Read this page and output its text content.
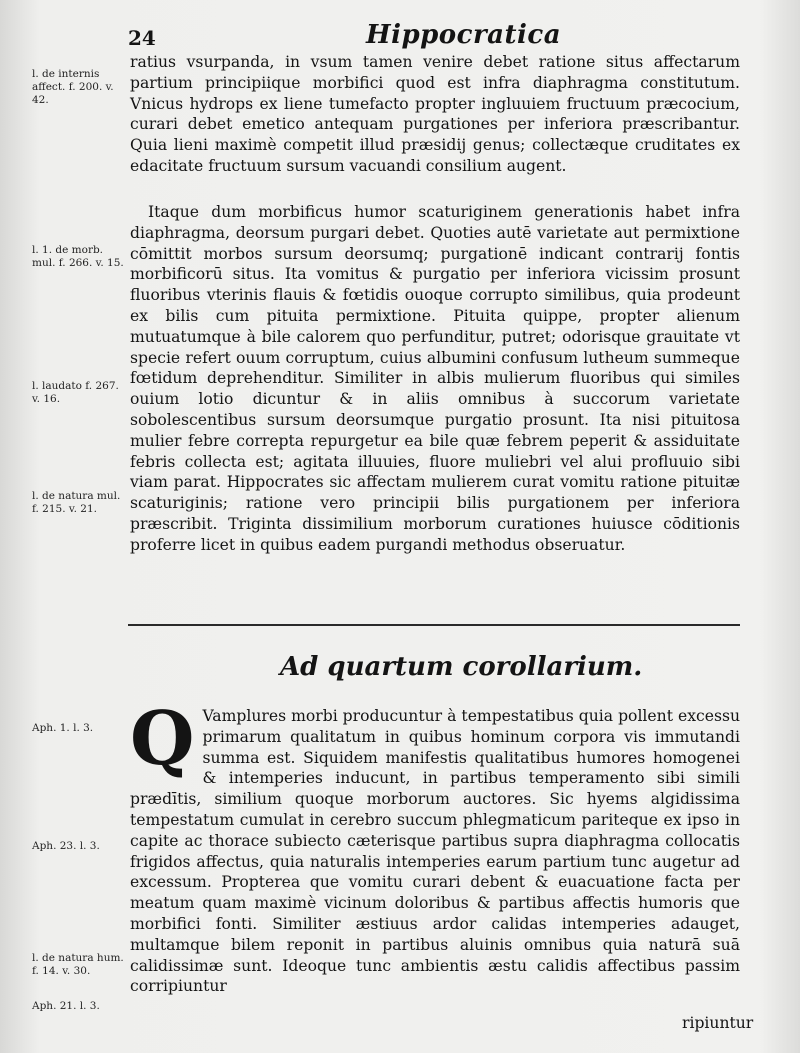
24	Hippocratica

ratius vsurpanda, in vsum tamen venire debet ratione situs affectarum partium principiique morbifici quod est infra diaphragma constitutum. Vnicus hydrops ex liene tumefacto propter ingluuiem fructuum præcocium, curari debet emetico antequam purgationes per inferiora præscribantur. Quia lieni maximè competit illud præsidij genus; collectæque cruditates ex edacitate fructuum sursum vacuandi consilium augent.

Itaque dum morbificus humor scaturiginem generationis habet infra diaphragma, deorsum purgari debet. Quoties autē varietate aut permixtione cōmittit morbos sursum deorsumq; purgationē indicant contrarij fontis morbificorū situs. Ita vomitus & purgatio per inferiora vicissim prosunt fluoribus vterinis flauis & fœtidis ouoque corrupto similibus, quia prodeunt ex bilis cum pituita permixtione. Pituita quippe, propter alienum mutuatumque à bile calorem quo perfunditur, putret; odorisque grauitate vt specie refert ouum corruptum, cuius albumini confusum lutheum summeque fœtidum deprehenditur. Similiter in albis mulierum fluoribus qui similes ouium lotio dicuntur & in aliis omnibus à succorum varietate sobolescentibus sursum deorsumque purgatio prosunt. Ita nisi pituitosa mulier febre correpta repurgetur ea bile quæ febrem peperit & assiduitate febris collecta est; agitata illuuies, fluore muliebri vel alui profluuio sibi viam parat. Hippocrates sic affectam mulierem curat vomitu ratione pituitæ scaturiginis; ratione vero principii bilis purgationem per inferiora præscribit. Triginta dissimilium morborum curationes huiusce cōditionis proferre licet in quibus eadem purgandi methodus obseruatur.

Ad quartum corollarium.
Q Vamplures morbi producuntur à tempestatibus quia pollent excessu primarum qualitatum in quibus hominum corpora vis immutandi summa est. Siquidem manifestis qualitatibus humores homogenei & intemperies inducunt, in partibus temperamento sibi simili prædītis, similium quoque morborum auctores. Sic hyems algidissima tempestatum cumulat in cerebro succum phlegmaticum pariteque ex ipso in capite ac thorace subiecto cæterisque partibus supra diaphragma collocatis frigidos affectus, quia naturalis intemperies earum partium tunc augetur ad excessum. Propterea que vomitu curari debent & euacuatione facta per meatum quam maximè vicinum doloribus & partibus affectis humoris que morbifici fonti. Similiter æstiuus ardor calidas intemperies adauget, multamque bilem reponit in partibus aluinis omnibus quia naturā suā calidissimæ sunt. Ideoque tunc ambientis æstu calidis affectibus passim corripiuntur
l. de internis affect. f. 200. v. 42.
l. 1. de morb. mul. f. 266. v. 15.
l. laudato f. 267. v. 16.
l. de natura mul. f. 215. v. 21.
Aph. 1. l. 3.
Aph. 23. l. 3.
l. de natura hum. f. 14. v. 30.
Aph. 21. l. 3.
ripiuntur
